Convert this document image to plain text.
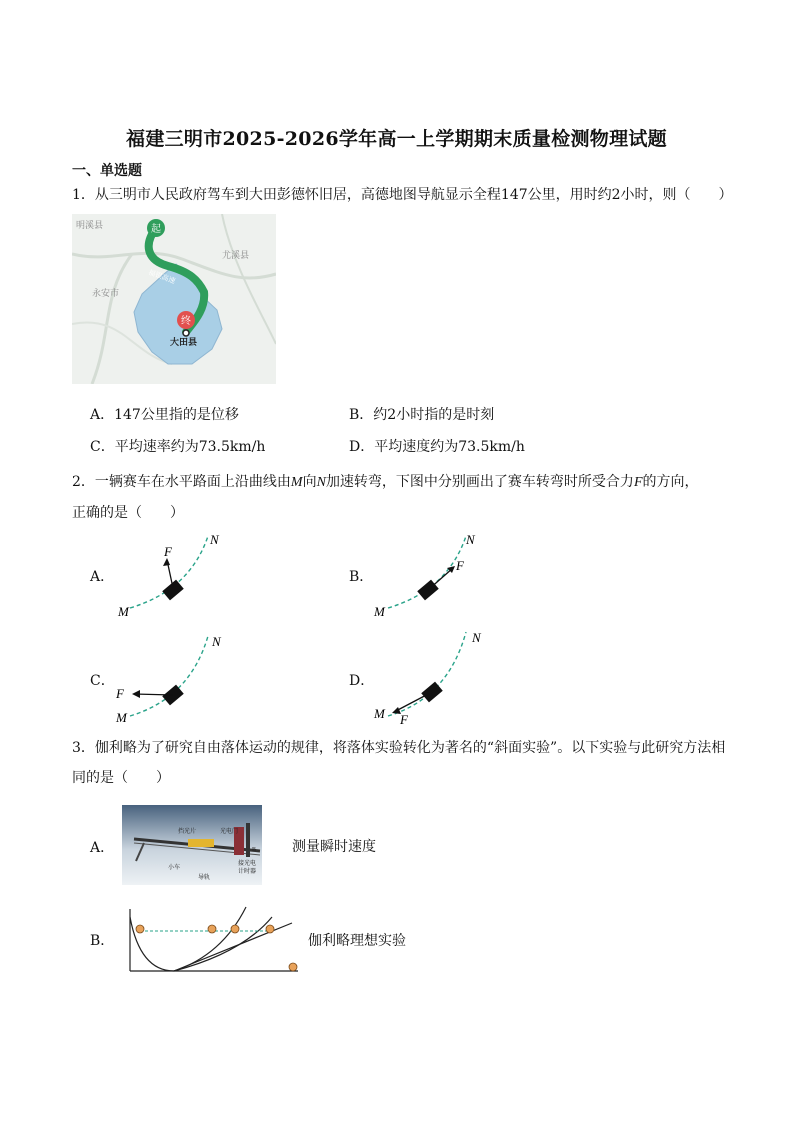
福建三明市2025-2026学年高一上学期期末质量检测物理试题
一、单选题
1．从三明市人民政府驾车到大田彭德怀旧居，高德地图导航显示全程147公里，用时约2小时，则（　　）
起
终
福银高速
明溪县
尤溪县
永安市
大田县
A．147公里指的是位移	B．约2小时指的是时刻
C．平均速率约为73.5km/h	D．平均速度约为73.5km/h
2．一辆赛车在水平路面上沿曲线由M向N加速转弯，下图中分别画出了赛车转弯时所受合力F的方向，
正确的是（　　）
A．
F
N
M
B．
F
N
M
C．
F
N
M
D．
F
N
M
3．伽利略为了研究自由落体运动的规律，将落体实验转化为著名的“斜面实验”。以下实验与此研究方法相
同的是（　　）
A．
挡光片	光电门
B
小车
导轨
接光电
计时器
测量瞬时速度
B．	伽利略理想实验
